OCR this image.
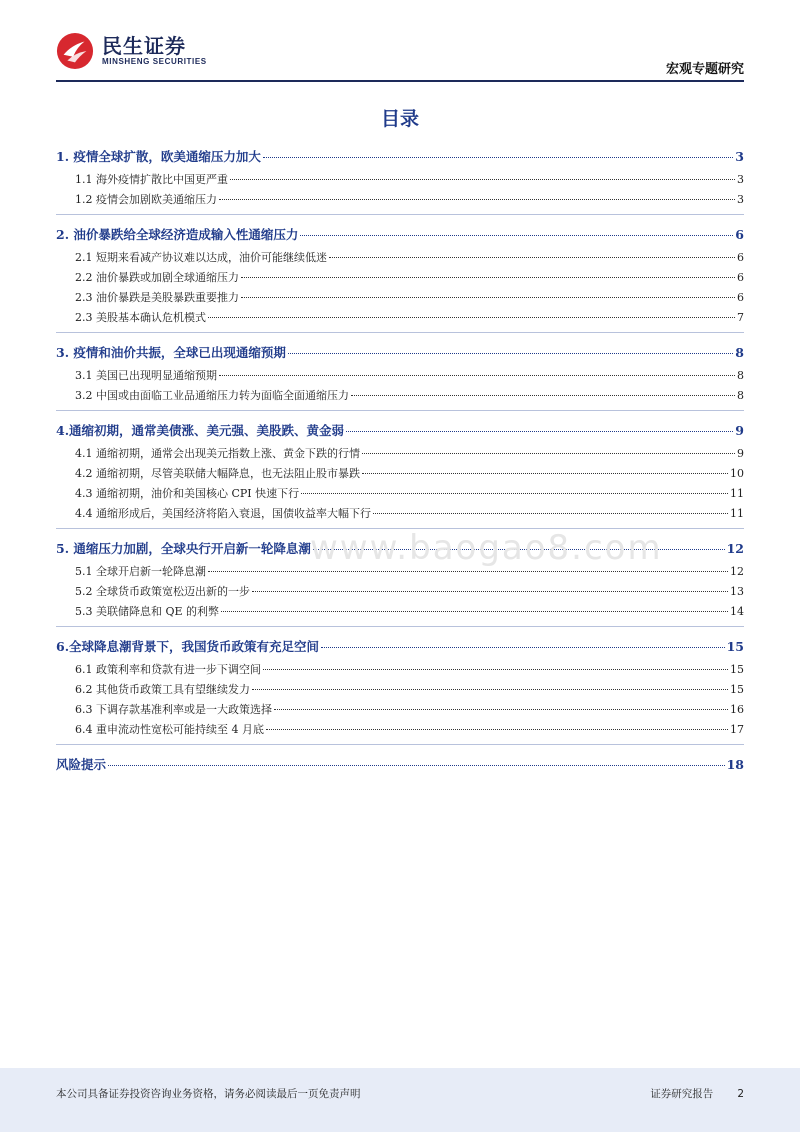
民生证券
MINSHENG SECURITIES
宏观专题研究
目录
1. 疫情全球扩散，欧美通缩压力加大	3
1.1 海外疫情扩散比中国更严重	3
1.2 疫情会加剧欧美通缩压力	3
2. 油价暴跌给全球经济造成输入性通缩压力	6
2.1 短期来看减产协议难以达成，油价可能继续低迷	6
2.2 油价暴跌或加剧全球通缩压力	6
2.3 油价暴跌是美股暴跌重要推力	6
2.3 美股基本确认危机模式	7
3. 疫情和油价共振，全球已出现通缩预期	8
3.1 美国已出现明显通缩预期	8
3.2 中国或由面临工业品通缩压力转为面临全面通缩压力	8
4.通缩初期，通常美债涨、美元强、美股跌、黄金弱	9
4.1 通缩初期，通常会出现美元指数上涨、黄金下跌的行情	9
4.2 通缩初期，尽管美联储大幅降息，也无法阻止股市暴跌	10
4.3 通缩初期，油价和美国核心 CPI 快速下行	11
4.4 通缩形成后，美国经济将陷入衰退，国债收益率大幅下行	11
5. 通缩压力加剧，全球央行开启新一轮降息潮	12
5.1 全球开启新一轮降息潮	12
5.2 全球货币政策宽松迈出新的一步	13
5.3 美联储降息和 QE 的利弊	14
6.全球降息潮背景下，我国货币政策有充足空间	15
6.1 政策利率和贷款有进一步下调空间	15
6.2 其他货币政策工具有望继续发力	15
6.3 下调存款基准利率或是一大政策选择	16
6.4 重申流动性宽松可能持续至 4 月底	17
风险提示	18
www.baogao8.com
本公司具备证券投资咨询业务资格，请务必阅读最后一页免责声明	证券研究报告 2
